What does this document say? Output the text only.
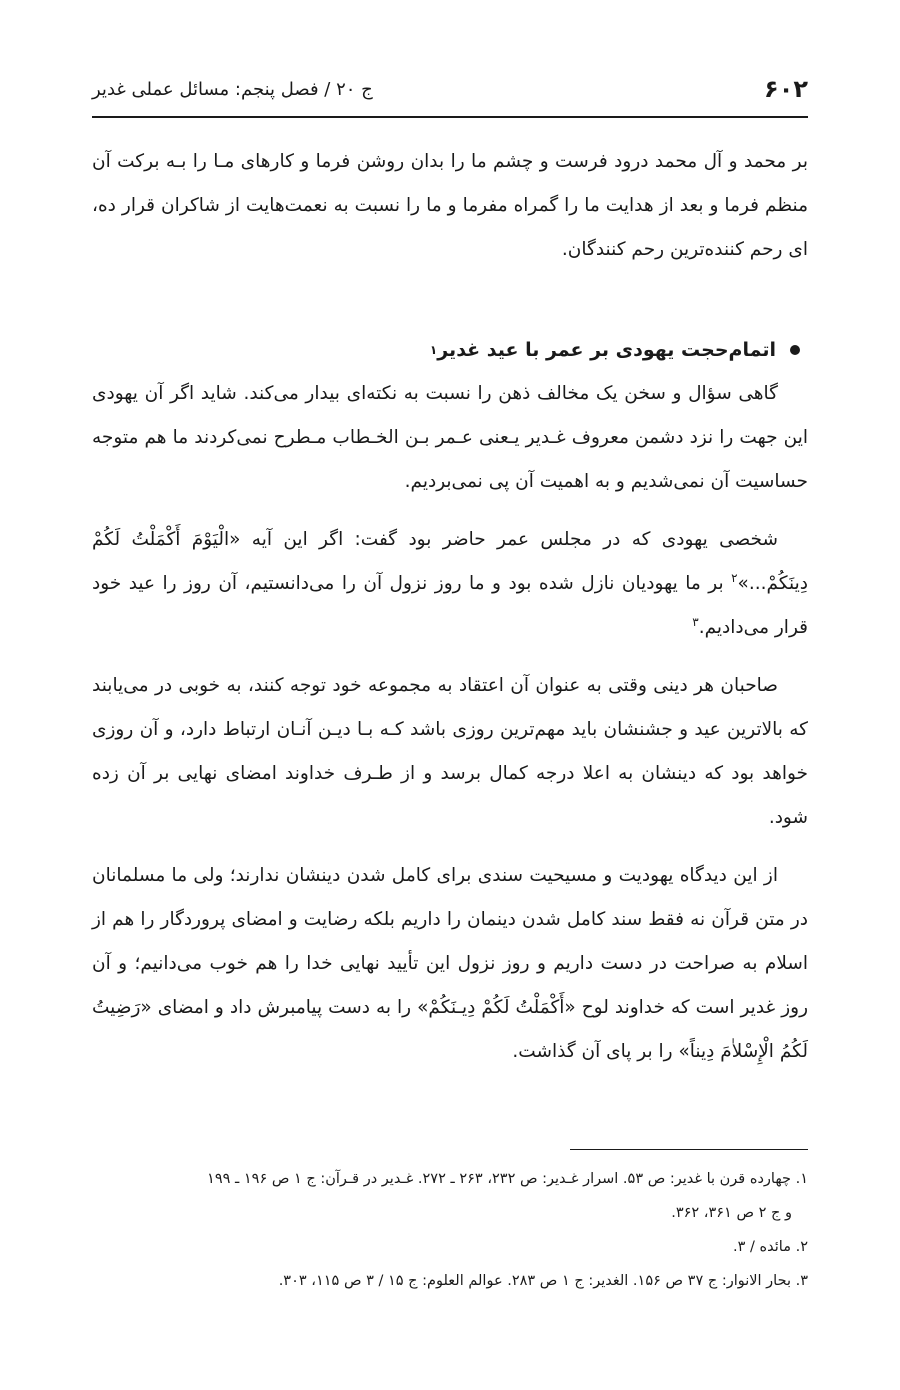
۶۰۲
ج ۲۰ / فصل پنجم: مسائل عملی غدیر

بر محمد و آل محمد درود فرست و چشم ما را بدان روشن فرما و کارهای مـا را بـه برکت آن منظم فرما و بعد از هدایت ما را گمراه مفرما و ما را نسبت به نعمت‌هایت از شاکران قرار ده، ای رحم کننده‌ترین رحم کنندگان.

اتمام‌حجت یهودی بر عمر با عید غدیر
۱

گاهی سؤال و سخن یک مخالف ذهن را نسبت به نکته‌ای بیدار می‌کند. شاید اگر آن یهودی این جهت را نزد دشمن معروف غـدیر یـعنی عـمر بـن الخـطاب مـطرح نمی‌کردند ما هم متوجه حساسیت آن نمی‌شدیم و به اهمیت آن پی نمی‌بردیم.

شخصی یهودی که در مجلس عمر حاضر بود گفت: اگر این آیه «الْیَوْمَ أَکْمَلْتُ لَکُمْ دِینَکُمْ...»$^۲$ بر ما یهودیان نازل شده بود و ما روز نزول آن را می‌دانستیم، آن روز را عید خود قرار می‌دادیم.$^۳$

صاحبان هر دینی وقتی به عنوان آن اعتقاد به مجموعه خود توجه کنند، به خوبی در می‌یابند که بالاترین عید و جشنشان باید مهم‌ترین روزی باشد کـه بـا دیـن آنـان ارتباط دارد، و آن روزی خواهد بود که دینشان به اعلا درجه کمال برسد و از طـرف خداوند امضای نهایی بر آن زده شود.

از این دیدگاه یهودیت و مسیحیت سندی برای کامل شدن دینشان ندارند؛ ولی ما مسلمانان در متن قرآن نه فقط سند کامل شدن دینمان را داریم بلکه رضایت و امضای پروردگار را هم از اسلام به صراحت در دست داریم و روز نزول این تأیید نهایی خدا را هم خوب می‌دانیم؛ و آن روز غدیر است که خداوند لوح «أَکْمَلْتُ لَکُمْ دِیـنَکُمْ» را به دست پیامبرش داد و امضای «رَضِیتُ لَکُمُ الْإِسْلاٰمَ دِیناً» را بر پای آن گذاشت.

۱. چهارده قرن با غدیر: ص ۵۳. اسرار غـدیر: ص ۲۳۲، ۲۶۳ ـ ۲۷۲. غـدیر در قـرآن: ج ۱ ص ۱۹۶ ـ ۱۹۹

و ج ۲ ص ۳۶۱، ۳۶۲.

۲. مائده / ۳.

۳. بحار الانوار: ج ۳۷ ص ۱۵۶. الغدیر: ج ۱ ص ۲۸۳. عوالم العلوم: ج ۱۵ / ۳ ص ۱۱۵، ۳۰۳.
